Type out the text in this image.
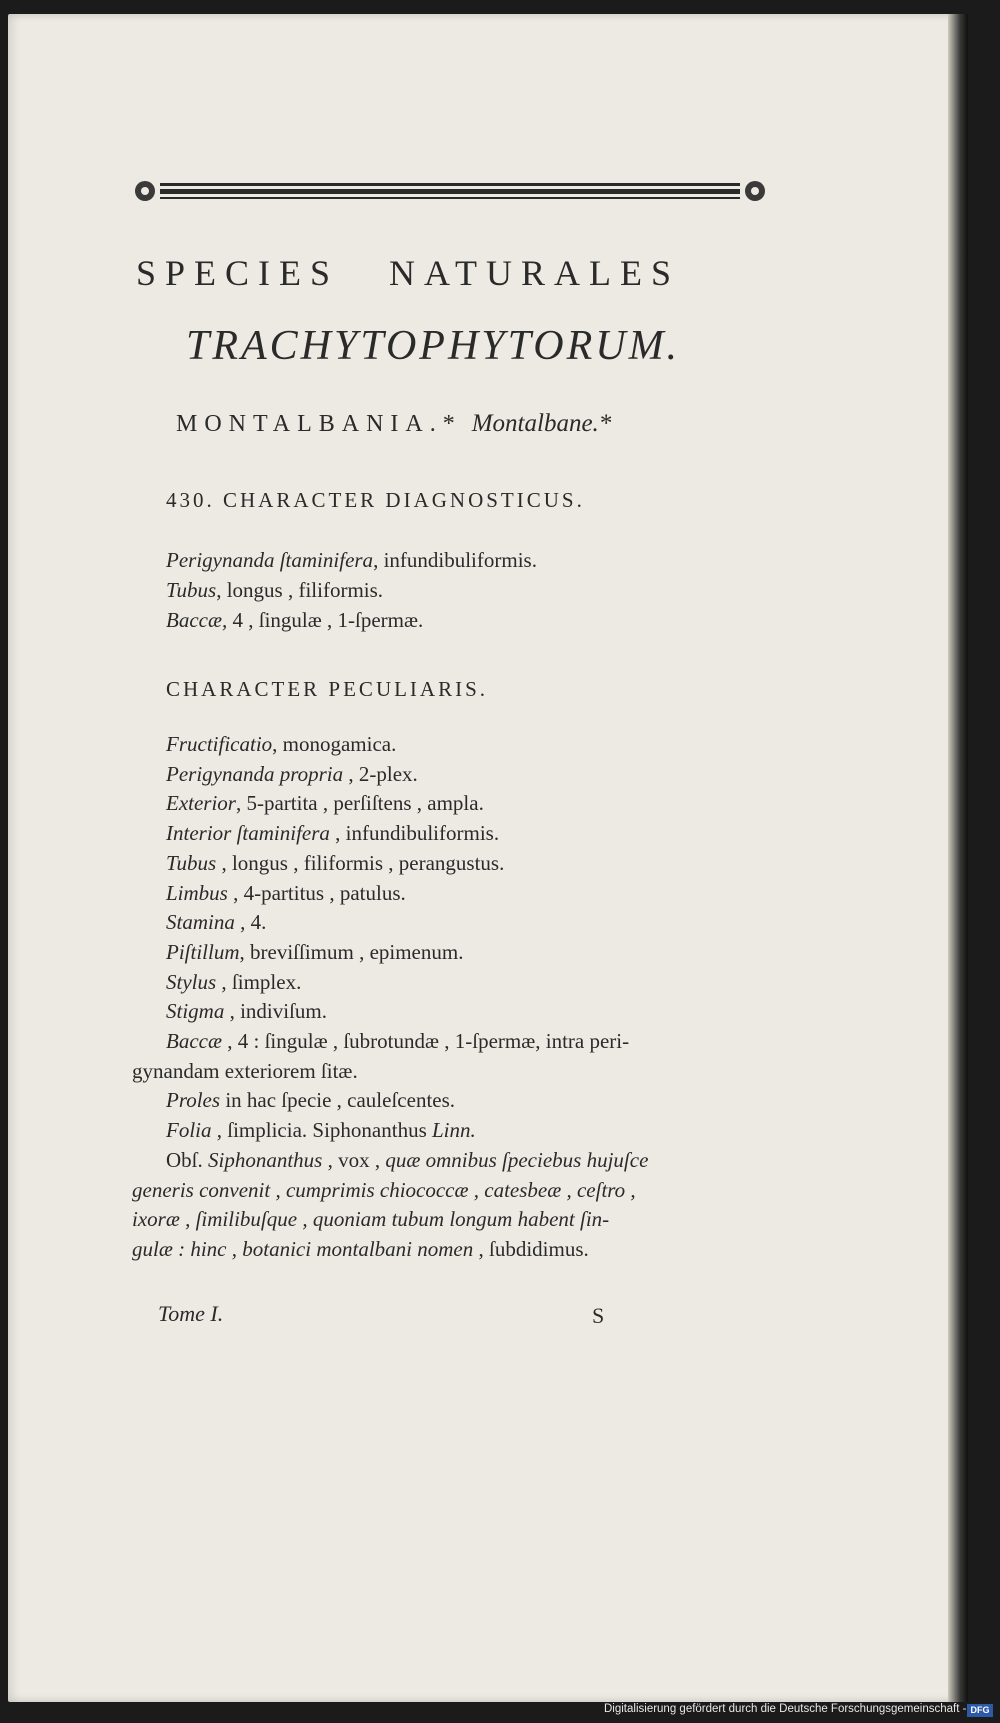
SPECIES NATURALES
TRACHYTOPHYTORUM.
MONTALBANIA.* Montalbane.*
430. CHARACTER DIAGNOSTICUS.
Perigynanda ſtaminifera, infundibuliformis.
Tubus, longus , filiformis.
Baccæ, 4 , ſingulæ , 1-ſpermæ.
CHARACTER PECULIARIS.
Fructificatio, monogamica.
Perigynanda propria , 2-plex.
Exterior, 5-partita , perſiſtens , ampla.
Interior ſtaminifera , infundibuliformis.
Tubus , longus , filiformis , perangustus.
Limbus , 4-partitus , patulus.
Stamina , 4.
Piſtillum, breviſſimum , epimenum.
Stylus , ſimplex.
Stigma , indiviſum.
Baccæ , 4 : ſingulæ , ſubrotundæ , 1-ſpermæ, intra peri-
gynandam exteriorem ſitæ.
Proles in hac ſpecie , cauleſcentes.
Folia , ſimplicia. Siphonanthus Linn.
Obſ. Siphonanthus , vox , quæ omnibus ſpeciebus hujuſce
generis convenit , cumprimis chiococcæ , catesbeæ , ceſtro ,
ixoræ , ſimilibuſque , quoniam tubum longum habent ſin-
gulæ : hinc , botanici montalbani nomen , ſubdidimus.
Tome I.	S
Digitalisierung gefördert durch die Deutsche Forschungsgemeinschaft - DFG
